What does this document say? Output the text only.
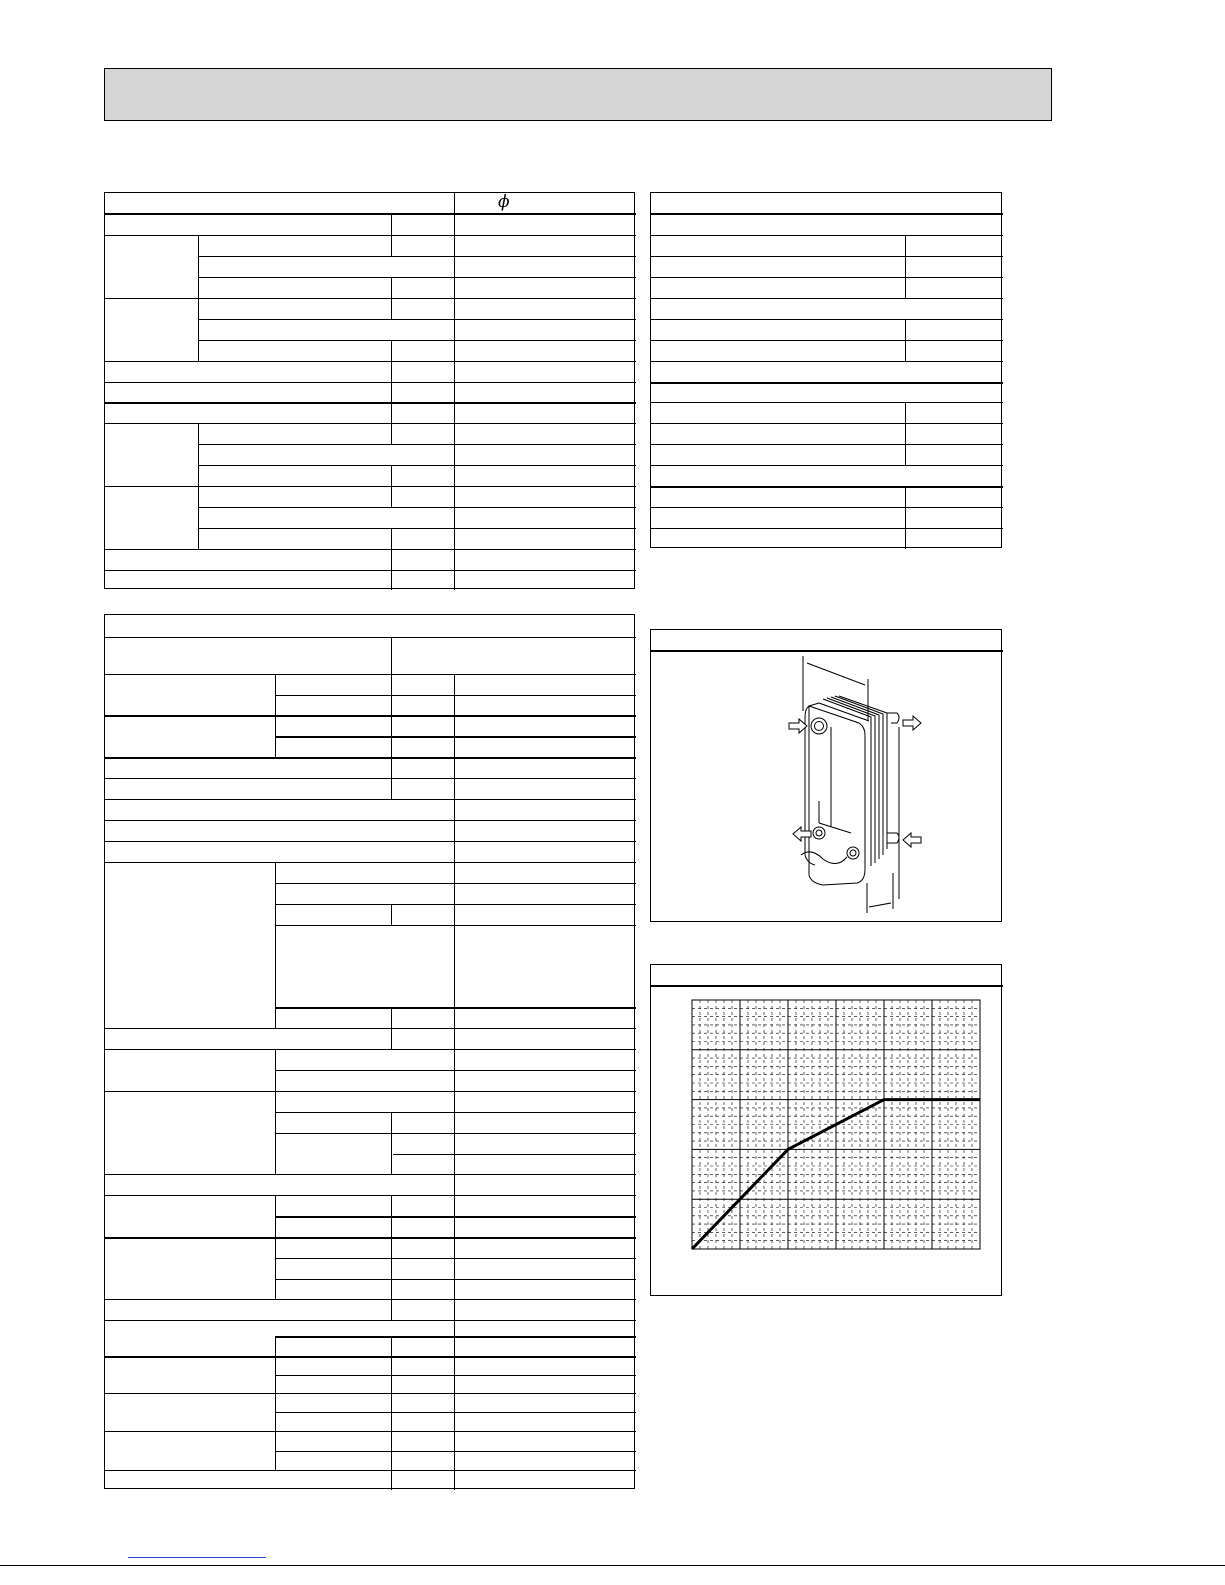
ϕ
